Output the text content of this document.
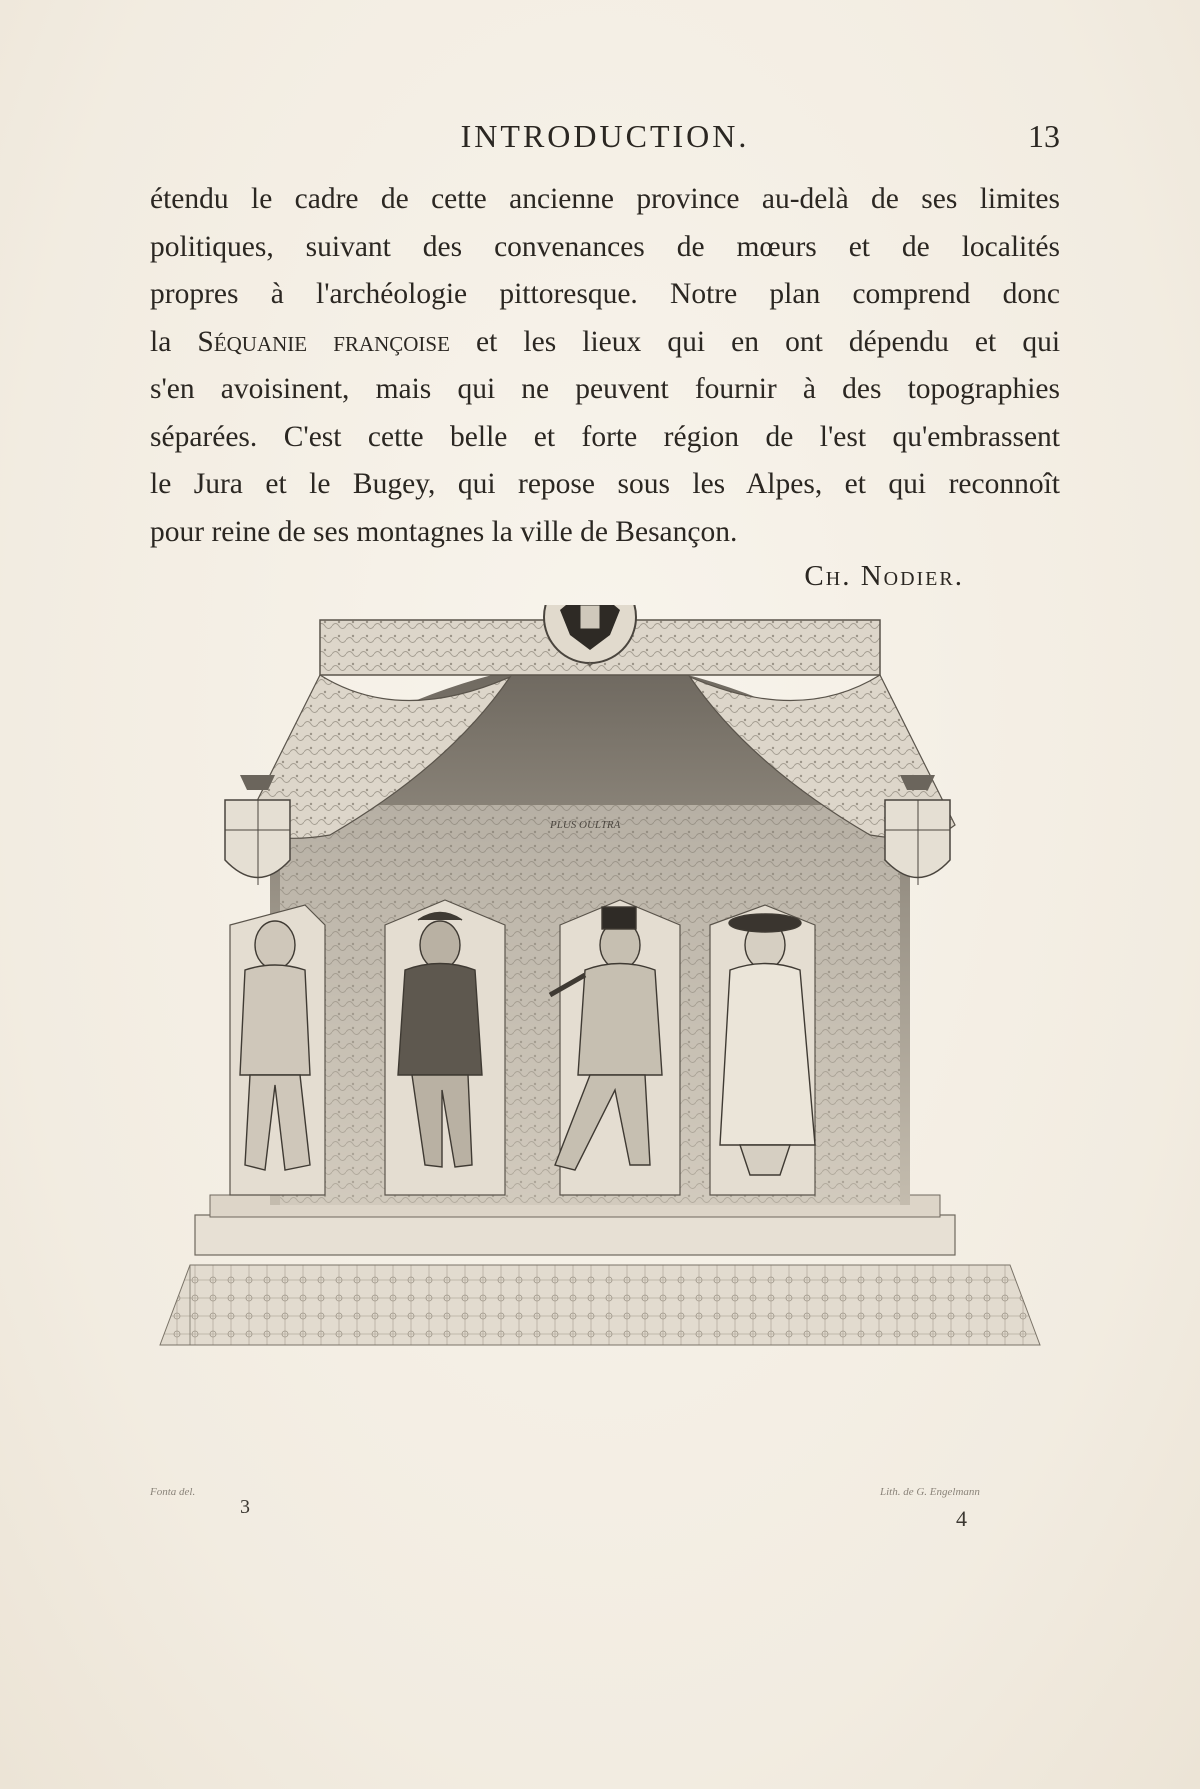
INTRODUCTION.	13
étendu le cadre de cette ancienne province au-delà de ses limites
politiques, suivant des convenances de mœurs et de localités
propres à l'archéologie pittoresque. Notre plan comprend donc
la Séquanie françoise et les lieux qui en ont dépendu et qui
s'en avoisinent, mais qui ne peuvent fournir à des topographies
séparées. C'est cette belle et forte région de l'est qu'embrassent
le Jura et le Bugey, qui repose sous les Alpes, et qui reconnoît
pour reine de ses montagnes la ville de Besançon.
Ch. Nodier.
✦
PLUS OULTRA
Fonta del.	Lith. de G. Engelmann
3	4
